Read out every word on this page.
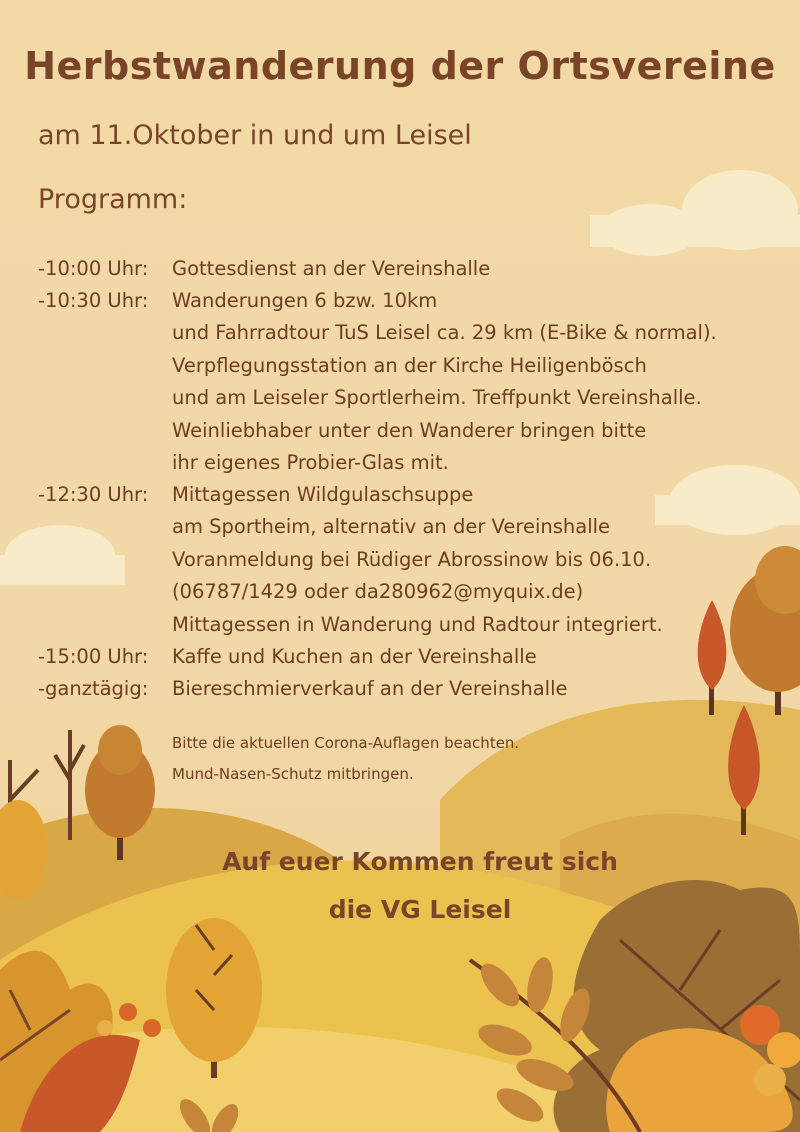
Herbstwanderung der Ortsvereine
am 11.Oktober in und um Leisel
Programm:
-10:00 Uhr: Gottesdienst an der Vereinshalle
-10:30 Uhr: Wanderungen 6 bzw. 10km
und Fahrradtour TuS Leisel ca. 29 km (E-Bike & normal).
Verpflegungsstation an der Kirche Heiligenbösch
und am Leiseler Sportlerheim. Treffpunkt Vereinshalle.
Weinliebhaber unter den Wanderer bringen bitte
ihr eigenes Probier-Glas mit.
-12:30 Uhr: Mittagessen Wildgulaschsuppe
am Sportheim, alternativ an der Vereinshalle
Voranmeldung bei Rüdiger Abrossinow bis 06.10.
(06787/1429 oder da280962@myquix.de)
Mittagessen in Wanderung und Radtour integriert.
-15:00 Uhr: Kaffe und Kuchen an der Vereinshalle
-ganztägig: Biereschmierverkauf an der Vereinshalle
Bitte die aktuellen Corona-Auflagen beachten.
Mund-Nasen-Schutz mitbringen.
Auf euer Kommen freut sich
die VG Leisel
